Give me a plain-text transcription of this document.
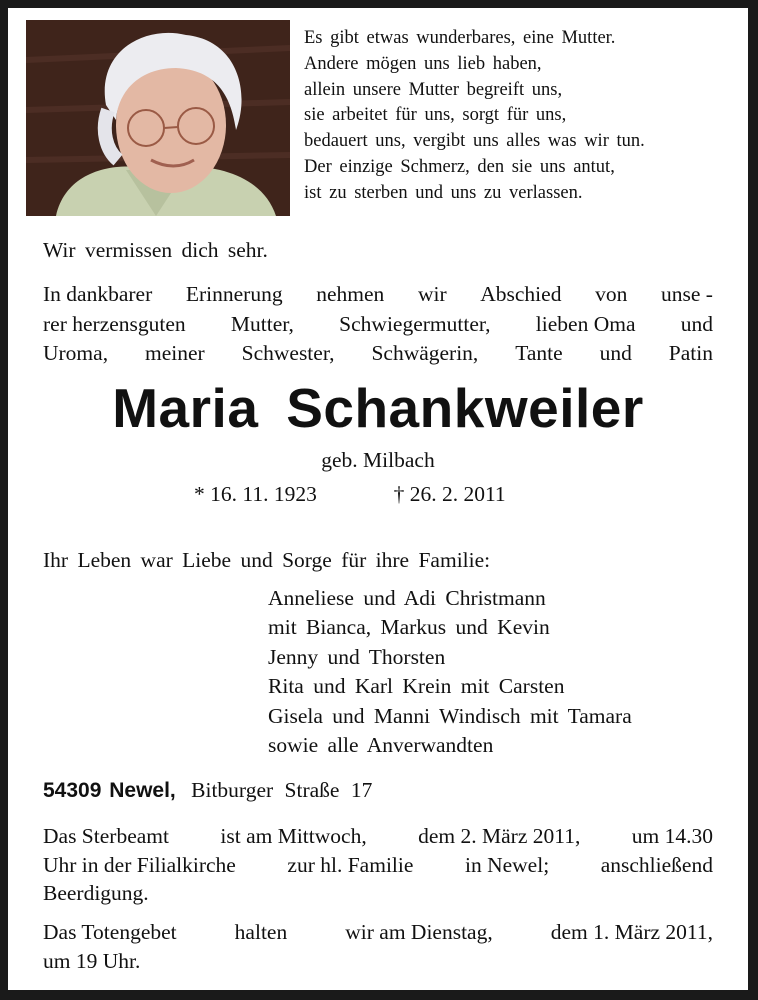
Es gibt etwas wunderbares, eine Mutter.
Andere mögen uns lieb haben,
allein unsere Mutter begreift uns,
sie arbeitet für uns, sorgt für uns,
bedauert uns, vergibt uns alles was wir tun.
Der einzige Schmerz, den sie uns antut,
ist zu sterben und uns zu verlassen.
Wir vermissen dich sehr.
In dankbarer Erinnerung nehmen wir Abschied von unse -
rer herzensguten Mutter, Schwiegermutter, lieben Oma und
Uroma, meiner Schwester, Schwägerin, Tante und Patin
Maria Schankweiler
geb. Milbach
* 16. 11. 1923	† 26. 2. 2011
Ihr Leben war Liebe und Sorge für ihre Familie:
Anneliese und Adi Christmann
mit Bianca, Markus und Kevin
Jenny und Thorsten
Rita und Karl Krein mit Carsten
Gisela und Manni Windisch mit Tamara
sowie alle Anverwandten
54309 Newel, Bitburger Straße 17
Das Sterbeamt ist am Mittwoch, dem 2. März 2011, um 14.30
Uhr in der Filialkirche zur hl. Familie in Newel; anschließend
Beerdigung.
Das Totengebet	halten	wir am Dienstag,	dem 1. März 2011,
um 19 Uhr.
